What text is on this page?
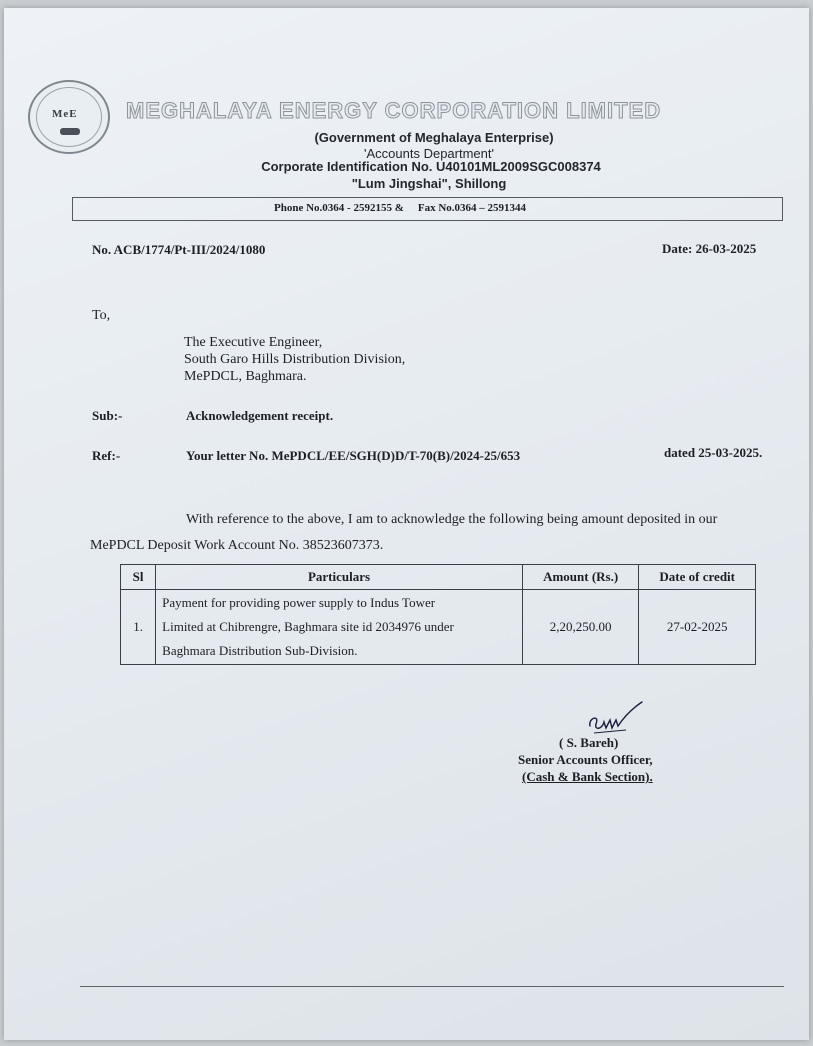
MeE MEGHALAYA ENERGY CORPORATION LIMITED
(Government of Meghalaya Enterprise)
'Accounts Department'
Corporate Identification No. U40101ML2009SGC008374
"Lum Jingshai", Shillong
Phone No.0364 - 2592155 & Fax No.0364 – 2591344
No. ACB/1774/Pt-III/2024/1080	Date: 26-03-2025
To,
The Executive Engineer,
South Garo Hills Distribution Division,
MePDCL, Baghmara.
Sub:-	Acknowledgement receipt.
Ref:-	Your letter No. MePDCL/EE/SGH(D)D/T-70(B)/2024-25/653	dated 25-03-2025.
With reference to the above, I am to acknowledge the following being amount deposited in our
MePDCL Deposit Work Account No. 38523607373.
Sl	Particulars	Amount (Rs.)	Date of credit
1.	Payment for providing power supply to Indus Tower
Limited at Chibrengre, Baghmara site id 2034976 under
Baghmara Distribution Sub-Division.	2,20,250.00	27-02-2025
( S. Bareh)
Senior Accounts Officer,
(Cash & Bank Section).
